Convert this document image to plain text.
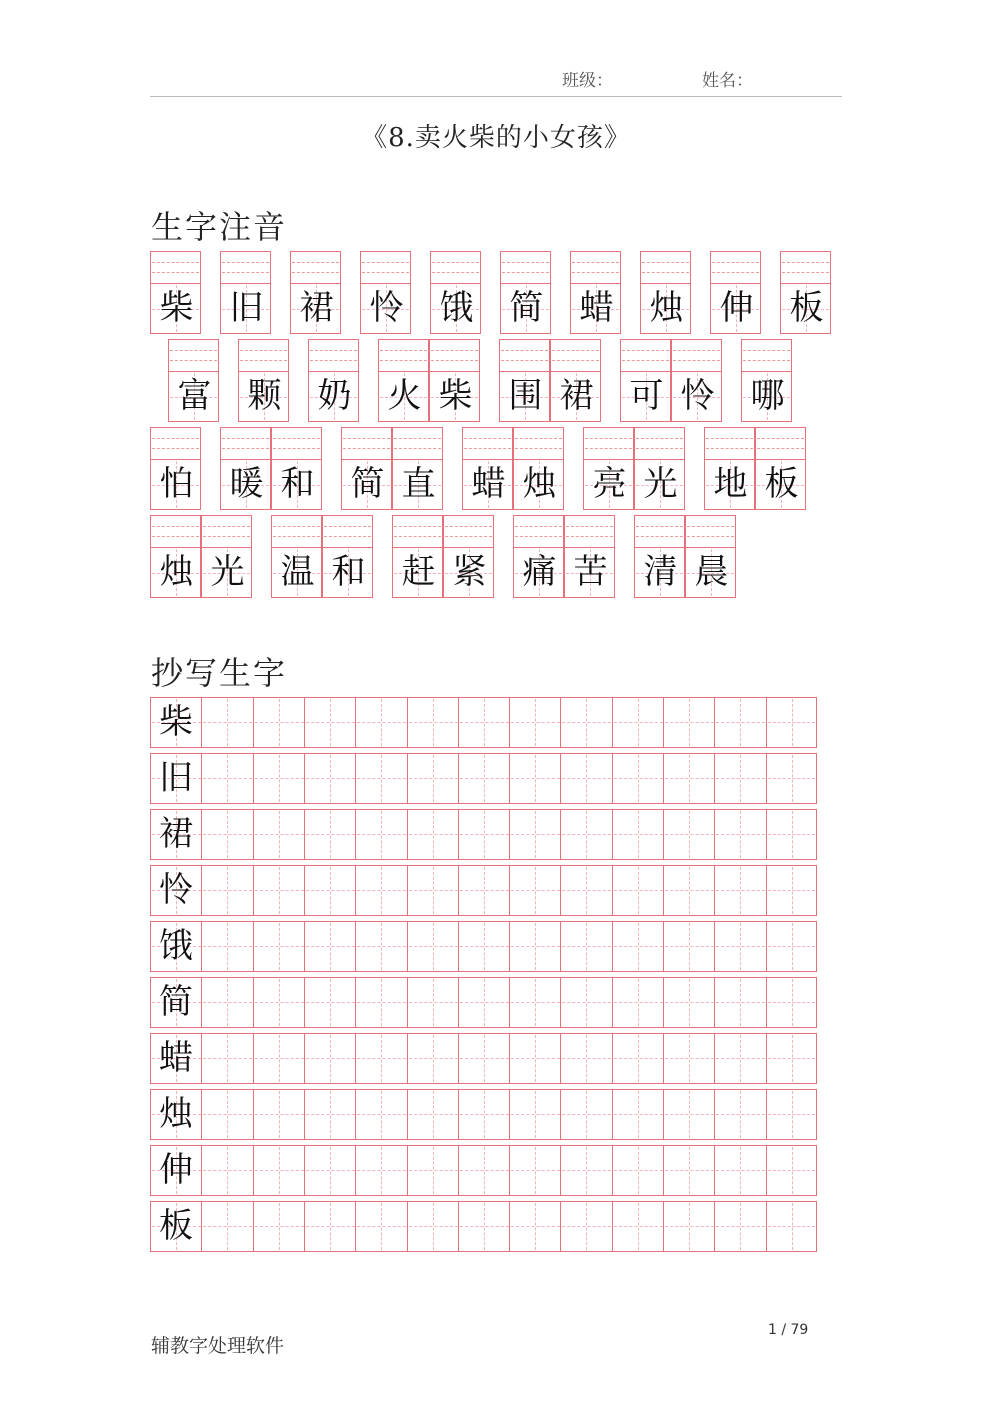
班级：	姓名：
《8.卖火柴的小女孩》
生字注音
柴 旧 裙 怜 饿 简 蜡 烛 伸 板
富 颗 奶 火 柴 围 裙 可 怜 哪
怕 暖 和 简 直 蜡 烛 亮 光 地 板
烛 光 温 和 赶 紧 痛 苦 清 晨
抄写生字
柴
旧
裙
怜
饿
简
蜡
烛
伸
板
辅教字处理软件
1 / 79
